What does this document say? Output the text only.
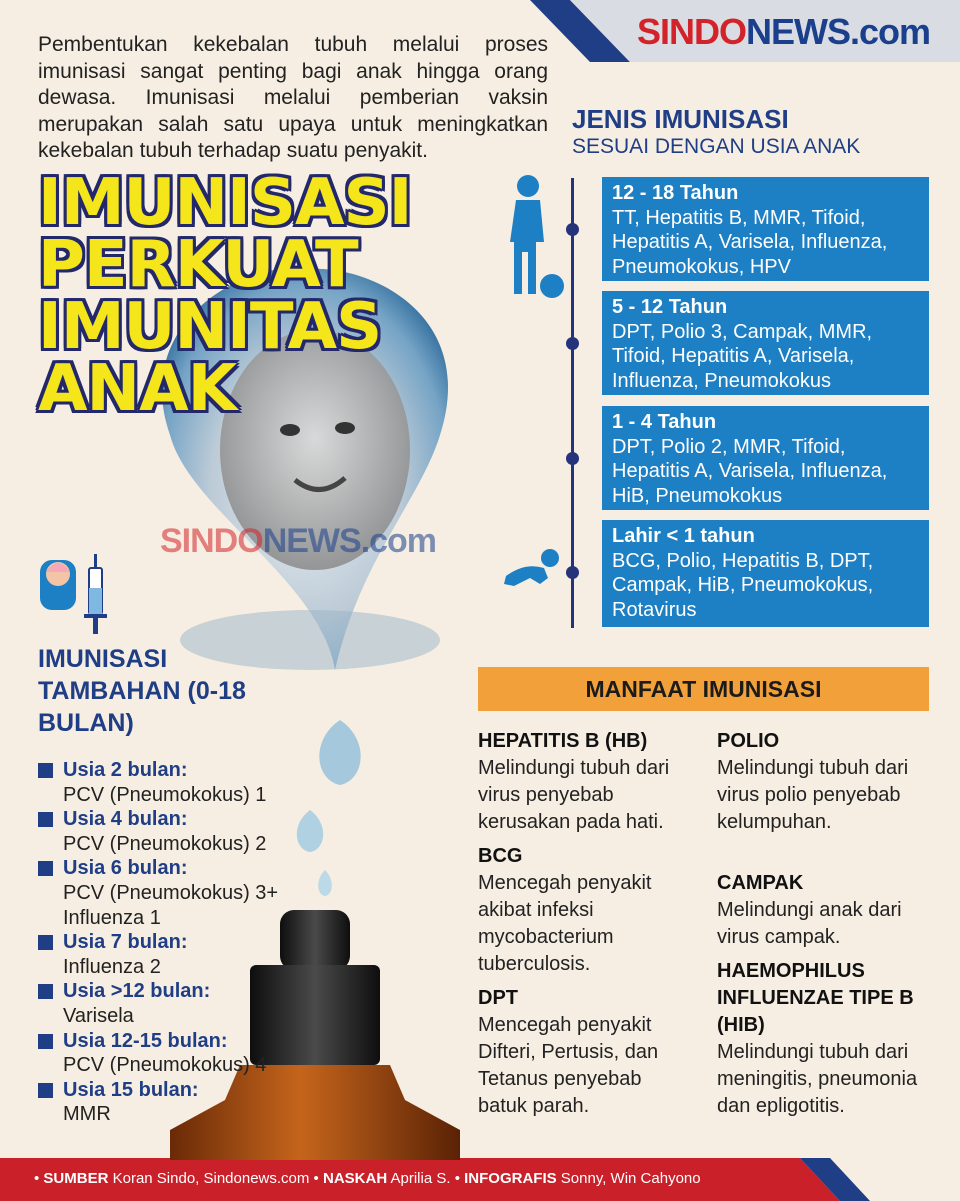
SINDONEWS.com

Pembentukan kekebalan tubuh melalui proses imunisasi sangat penting bagi anak hingga orang dewasa. Imunisasi melalui pemberian vaksin merupakan salah satu upaya untuk meningkatkan kekebalan tubuh terhadap suatu penyakit.

SINDONEWS.com
IMUNISASI
PERKUAT
IMUNITAS
ANAK
JENIS IMUNISASI

SESUAI DENGAN USIA ANAK

12 - 18 Tahun
TT, Hepatitis B, MMR, Tifoid, Hepatitis A, Varisela, Influenza, Pneumokokus, HPV
5 - 12 Tahun
DPT, Polio 3, Campak, MMR, Tifoid, Hepatitis A, Varisela, Influenza, Pneumokokus
1 - 4 Tahun
DPT, Polio 2, MMR, Tifoid, Hepatitis A, Varisela, Influenza, HiB, Pneumokokus
Lahir < 1 tahun
BCG, Polio, Hepatitis B, DPT, Campak, HiB, Pneumokokus, Rotavirus
MANFAAT IMUNISASI
HEPATITIS B (HB)
Melindungi tubuh dari virus penyebab kerusakan pada hati.
BCG
Mencegah penyakit akibat infeksi mycobacterium tuberculosis.
DPT
Mencegah penyakit Difteri, Pertusis, dan Tetanus penyebab batuk parah.
POLIO
Melindungi tubuh dari virus polio penyebab kelumpuhan.
CAMPAK
Melindungi anak dari virus campak.
HAEMOPHILUS INFLUENZAE TIPE B (HIB)
Melindungi tubuh dari meningitis, pneumonia dan epligotitis.
IMUNISASI TAMBAHAN (0-18 BULAN)
Usia 2 bulan:
PCV (Pneumokokus) 1
Usia 4 bulan:
PCV (Pneumokokus) 2
Usia 6 bulan:
PCV (Pneumokokus) 3+ Influenza 1
Usia 7 bulan:
Influenza 2
Usia >12 bulan:
Varisela
Usia 12-15 bulan:
PCV (Pneumokokus) 4
Usia 15 bulan:
MMR
• SUMBER Koran Sindo, Sindonews.com • NASKAH Aprilia S. • INFOGRAFIS Sonny, Win Cahyono
